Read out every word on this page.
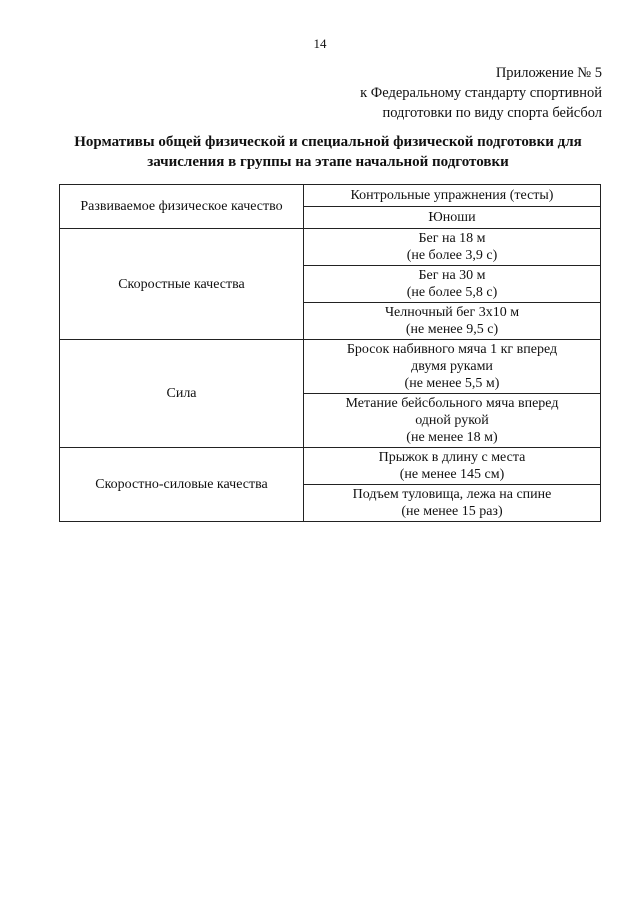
14
Приложение № 5
к Федеральному стандарту спортивной
подготовки по виду спорта бейсбол
Нормативы общей физической и специальной физической подготовки для
зачисления в группы на этапе начальной подготовки
Развиваемое физическое качество	Контрольные упражнения (тесты)
	Юноши
Скоростные качества	Бег на 18 м
(не более 3,9 с)

	Бег на 30 м
(не более 5,8 с)

	Челночный бег 3x10 м
(не менее 9,5 с)

Сила	Бросок набивного мяча 1 кг вперед
двумя руками
(не менее 5,5 м)

	Метание бейсбольного мяча вперед
одной рукой
(не менее 18 м)

Скоростно-силовые качества	Прыжок в длину с места
(не менее 145 см)

	Подъем туловища, лежа на спине
(не менее 15 раз)
